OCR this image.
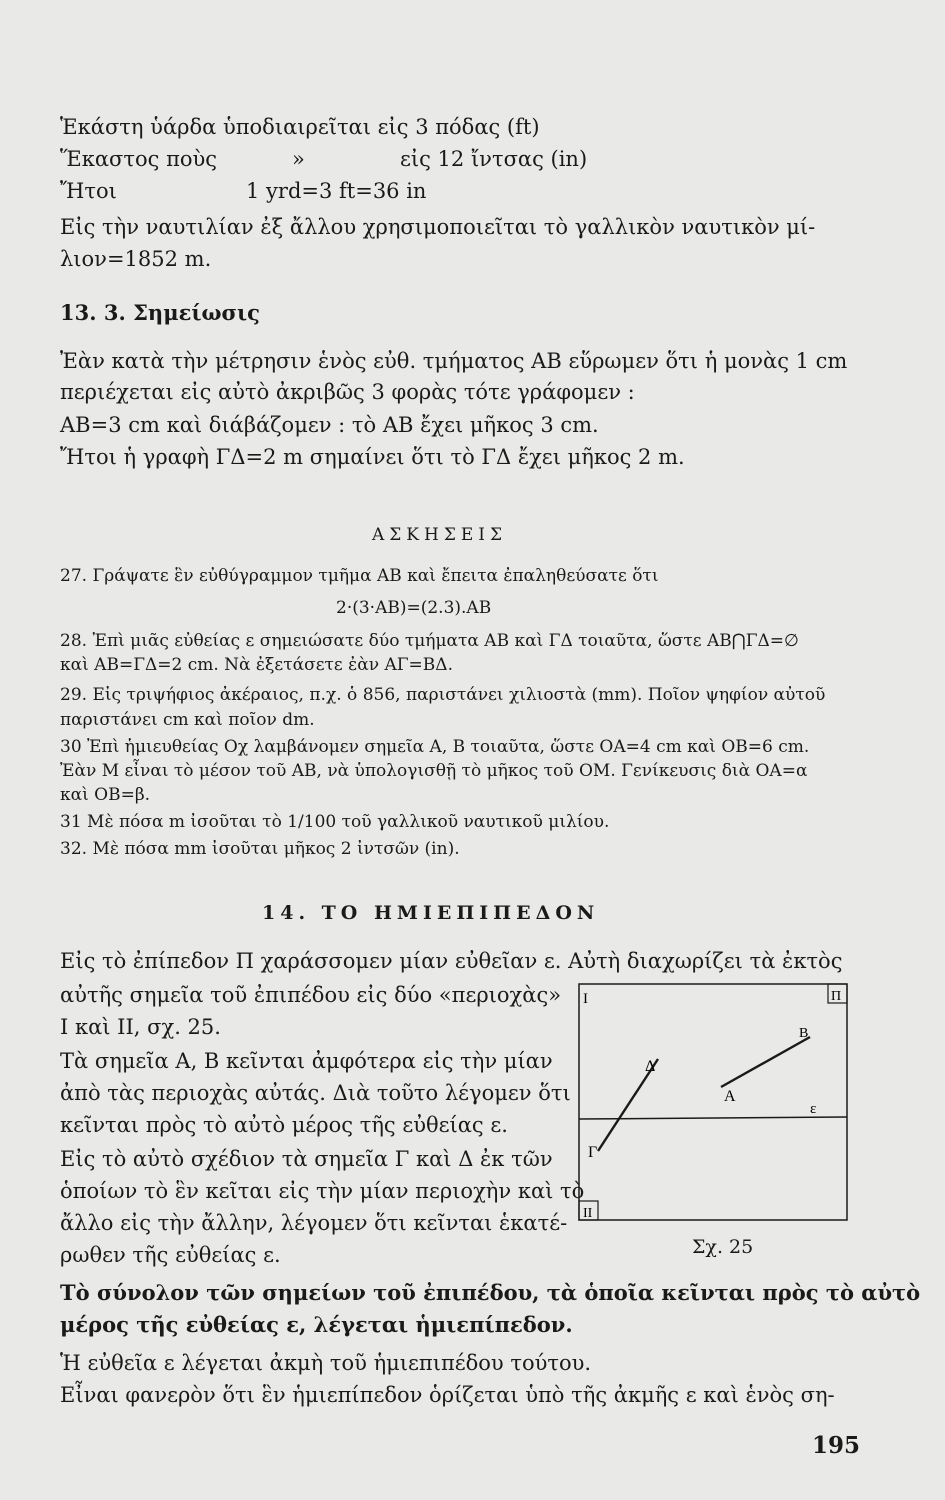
Ἑκάστη ὑάρδα ὑποδιαιρεῖται εἰς 3 πόδας (ft)
Ἕκαστος ποὺς	»	εἰς 12 ἴντσας (in)
Ἤτοι	1 yrd=3 ft=36 in
Εἰς τὴν ναυτιλίαν ἐξ ἄλλου χρησιμοποιεῖται τὸ γαλλικὸν ναυτικὸν μί-
λιον=1852 m.
13. 3. Σημείωσις
Ἐὰν κατὰ τὴν μέτρησιν ἑνὸς εὐθ. τμήματος ΑΒ εὕρωμεν ὅτι ἡ μονὰς 1 cm
περιέχεται εἰς αὐτὸ ἀκριβῶς 3 φορὰς τότε γράφομεν :
ΑΒ=3 cm καὶ διάβάζομεν : τὸ ΑΒ ἔχει μῆκος 3 cm.
Ἤτοι ἡ γραφὴ ΓΔ=2 m σημαίνει ὅτι τὸ ΓΔ ἔχει μῆκος 2 m.
ΑΣΚΗΣΕΙΣ
27. Γράψατε ἓν εὐθύγραμμον τμῆμα ΑΒ καὶ ἔπειτα ἐπαληθεύσατε ὅτι
2·(3·ΑΒ)=(2.3).ΑΒ
28. Ἐπὶ μιᾶς εὐθείας ε σημειώσατε δύο τμήματα ΑΒ καὶ ΓΔ τοιαῦτα, ὥστε ΑΒ⋂ΓΔ=∅
καὶ ΑΒ=ΓΔ=2 cm. Νὰ ἐξετάσετε ἐὰν ΑΓ=ΒΔ.
29. Εἰς τριψήφιος ἀκέραιος, π.χ. ὁ 856, παριστάνει χιλιοστὰ (mm). Ποῖον ψηφίον αὐτοῦ
παριστάνει cm καὶ ποῖον dm.
30 Ἐπὶ ἡμιευθείας Οχ λαμβάνομεν σημεῖα Α, Β τοιαῦτα, ὥστε ΟΑ=4 cm καὶ ΟΒ=6 cm.
Ἐὰν Μ εἶναι τὸ μέσον τοῦ ΑΒ, νὰ ὑπολογισθῇ τὸ μῆκος τοῦ ΟΜ. Γενίκευσις διὰ ΟΑ=α
καὶ ΟΒ=β.
31 Μὲ πόσα m ἰσοῦται τὸ 1/100 τοῦ γαλλικοῦ ναυτικοῦ μιλίου.
32. Μὲ πόσα mm ἰσοῦται μῆκος 2 ἰντσῶν (in).
14. ΤΟ ΗΜΙΕΠΙΠΕΔΟΝ
Εἰς τὸ ἐπίπεδον Π χαράσσομεν μίαν εὐθεῖαν ε. Αὐτὴ διαχωρίζει τὰ ἐκτὸς
αὐτῆς σημεῖα τοῦ ἐπιπέδου εἰς δύο «περιοχὰς»
Ι καὶ ΙΙ, σχ. 25.
Τὰ σημεῖα Α, Β κεῖνται ἀμφότερα εἰς τὴν μίαν
ἀπὸ τὰς περιοχὰς αὐτάς. Διὰ τοῦτο λέγομεν ὅτι
κεῖνται πρὸς τὸ αὐτὸ μέρος τῆς εὐθείας ε.
Εἰς τὸ αὐτὸ σχέδιον τὰ σημεῖα Γ καὶ Δ ἐκ τῶν
ὁποίων τὸ ἓν κεῖται εἰς τὴν μίαν περιοχὴν καὶ τὸ
ἄλλο εἰς τὴν ἄλλην, λέγομεν ὅτι κεῖνται ἑκατέ-
ρωθεν τῆς εὐθείας ε.
Τὸ σύνολον τῶν σημείων τοῦ ἐπιπέδου, τὰ ὁποῖα κεῖνται πρὸς τὸ αὐτὸ
μέρος τῆς εὐθείας ε, λέγεται ἡμιεπίπεδον.
Ἡ εὐθεῖα ε λέγεται ἀκμὴ τοῦ ἡμιεπιπέδου τούτου.
Εἶναι φανερὸν ὅτι ἓν ἡμιεπίπεδον ὁρίζεται ὑπὸ τῆς ἀκμῆς ε καὶ ἑνὸς ση-
Ι	Π
ΙΙ
Α
Β
Δ
Γ
ε
Σχ. 25
195
